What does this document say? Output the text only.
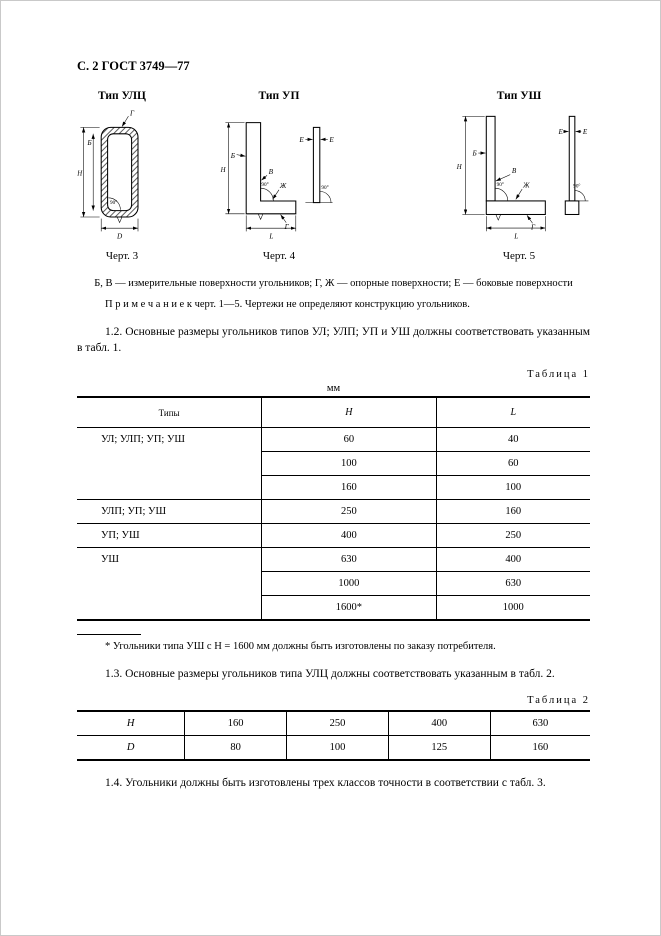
С. 2 ГОСТ 3749—77
Тип УЛЦ
Г
Б
H
D
90°
Черт. 3
Тип УП
Б
H	В
Ж
90°
Г
L
Е	Е
90°
Черт. 4
Тип УШ
Б
H	В
Ж
90°
Г
L
Е Е
90°
Черт. 5
Б, В — измерительные поверхности угольников; Г, Ж — опорные поверхности; Е — боковые поверхности
П р и м е ч а н и е к черт. 1—5. Чертежи не определяют конструкцию угольников.

1.2. Основные размеры угольников типов УЛ; УЛП; УП и УШ должны соответствовать указанным в табл. 1.

Таблица 1
мм
Типы	H	L
УЛ; УЛП; УП; УШ	60	40
	100	60
	160	100
УЛП; УП; УШ	250	160
УП; УШ	400	250
УШ	630	400
	1000	630
	1600*	1000
* Угольники типа УШ с H = 1600 мм должны быть изготовлены по заказу потребителя.

1.3. Основные размеры угольников типа УЛЦ должны соответствовать указанным в табл. 2.

Таблица 2
H	160	250	400	630
D	80	100	125	160

1.4. Угольники должны быть изготовлены трех классов точности в соответствии с табл. 3.
